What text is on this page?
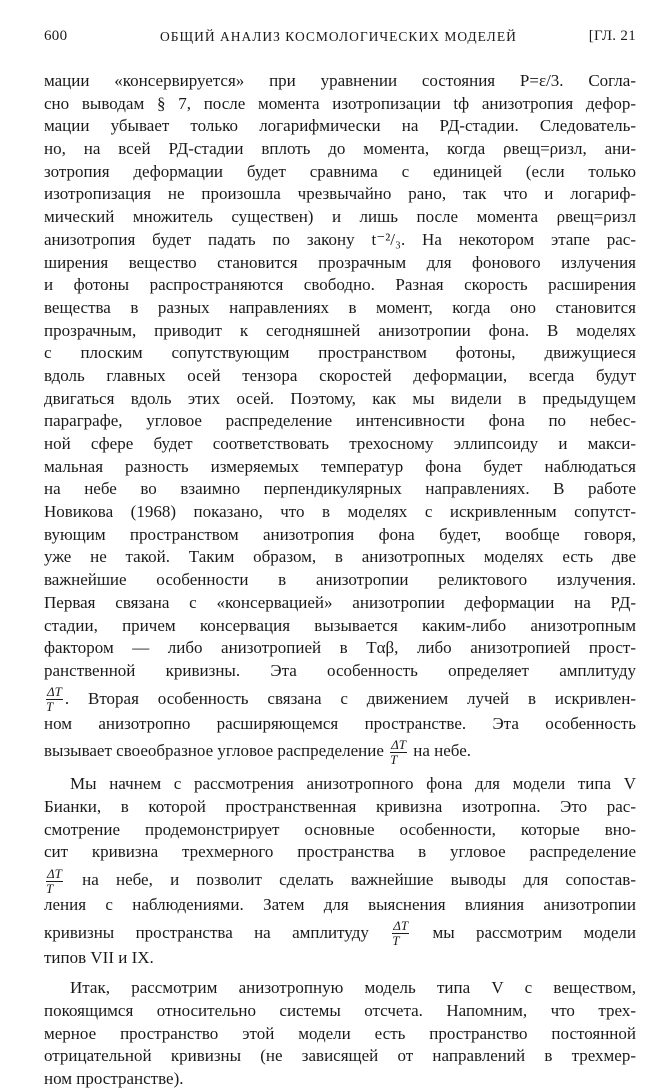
600	ОБЩИЙ АНАЛИЗ КОСМОЛОГИЧЕСКИХ МОДЕЛЕЙ	[ГЛ. 21
мации «консервируется» при уравнении состояния P=ε/3. Согла-
сно выводам § 7, после момента изотропизации tф анизотропия дефор-
мации убывает только логарифмически на РД-стадии. Следователь-
но, на всей РД-стадии вплоть до момента, когда ρвещ=ρизл, ани-
зотропия деформации будет сравнима с единицей (если только
изотропизация не произошла чрезвычайно рано, так что и логариф-
мический множитель существен) и лишь после момента ρвещ=ρизл
анизотропия будет падать по закону t⁻²/₃. На некотором этапе рас-
ширения вещество становится прозрачным для фонового излучения
и фотоны распространяются свободно. Разная скорость расширения
вещества в разных направлениях в момент, когда оно становится
прозрачным, приводит к сегодняшней анизотропии фона. В моделях
с плоским сопутствующим пространством фотоны, движущиеся
вдоль главных осей тензора скоростей деформации, всегда будут
двигаться вдоль этих осей. Поэтому, как мы видели в предыдущем
параграфе, угловое распределение интенсивности фона по небес-
ной сфере будет соответствовать трехосному эллипсоиду и макси-
мальная разность измеряемых температур фона будет наблюдаться
на небе во взаимно перпендикулярных направлениях. В работе
Новикова (1968) показано, что в моделях с искривленным сопутст-
вующим пространством анизотропия фона будет, вообще говоря,
уже не такой. Таким образом, в анизотропных моделях есть две
важнейшие особенности в анизотропии реликтового излучения.
Первая связана с «консервацией» анизотропии деформации на РД-
стадии, причем консервация вызывается каким-либо анизотропным
фактором — либо анизотропией в Tαβ, либо анизотропией прост-
ранственной кривизны. Эта особенность определяет амплитуду
$\frac{\Delta T}{T}$ . Вторая особенность связана с движением лучей в искривлен-
ном анизотропно расширяющемся пространстве. Эта особенность
вызывает своеобразное угловое распределение $\frac{\Delta T}{T}$ на небе.
Мы начнем с рассмотрения анизотропного фона для модели типа V
Бианки, в которой пространственная кривизна изотропна. Это рас-
смотрение продемонстрирует основные особенности, которые вно-
сит кривизна трехмерного пространства в угловое распределение
$\frac{\Delta T}{T}$ на небе, и позволит сделать важнейшие выводы для сопостав-
ления с наблюдениями. Затем для выяснения влияния анизотропии
кривизны пространства на амплитуду $\frac{\Delta T}{T}$ мы рассмотрим модели
типов VII и IX.
Итак, рассмотрим анизотропную модель типа V с веществом,
покоящимся относительно системы отсчета. Напомним, что трех-
мерное пространство этой модели есть пространство постоянной
отрицательной кривизны (не зависящей от направлений в трехмер-
ном пространстве).
